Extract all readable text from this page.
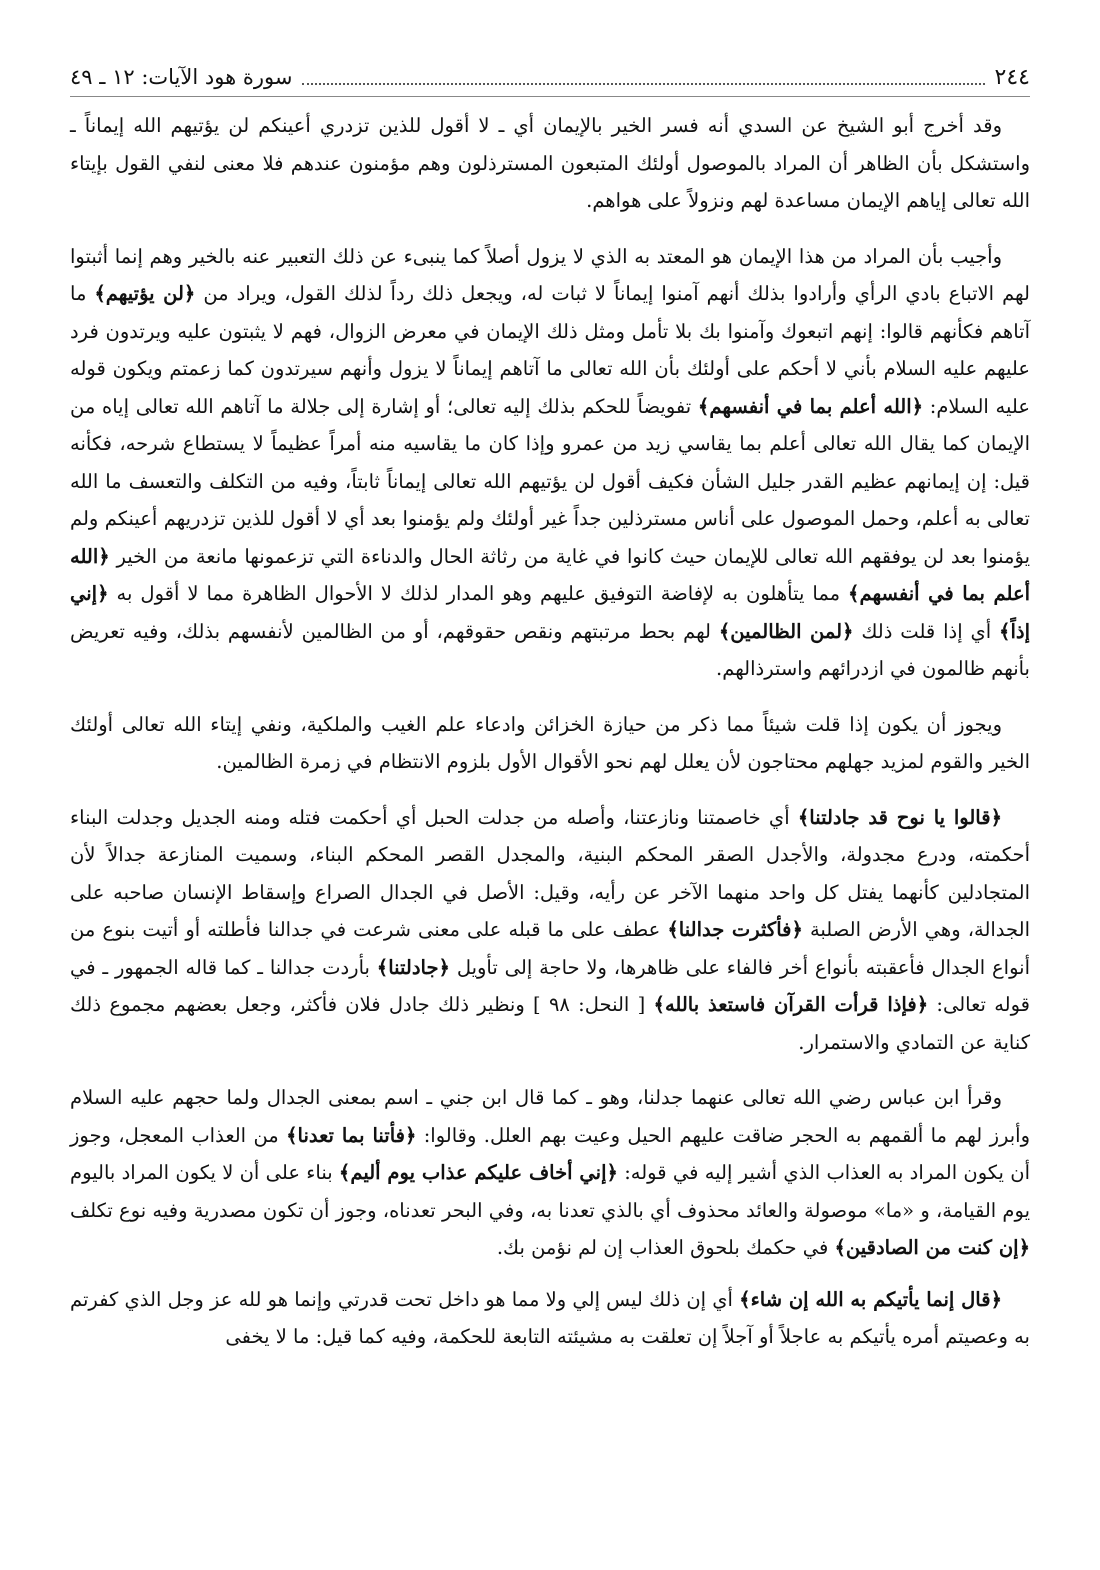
٢٤٤
سورة هود الآيات: ١٢ ـ ٤٩

وقد أخرج أبو الشيخ عن السدي أنه فسر الخير بالإيمان أي ـ لا أقول للذين تزدري أعينكم لن يؤتيهم الله إيماناً ـ واستشكل بأن الظاهر أن المراد بالموصول أولئك المتبعون المسترذلون وهم مؤمنون عندهم فلا معنى لنفي القول بإيتاء الله تعالى إياهم الإيمان مساعدة لهم ونزولاً على هواهم.

وأجيب بأن المراد من هذا الإيمان هو المعتد به الذي لا يزول أصلاً كما ينبىء عن ذلك التعبير عنه بالخير وهم إنما أثبتوا لهم الاتباع بادي الرأي وأرادوا بذلك أنهم آمنوا إيماناً لا ثبات له، ويجعل ذلك رداً لذلك القول، ويراد من ﴿لن يؤتيهم﴾ ما آتاهم فكأنهم قالوا: إنهم اتبعوك وآمنوا بك بلا تأمل ومثل ذلك الإيمان في معرض الزوال، فهم لا يثبتون عليه ويرتدون فرد عليهم عليه السلام بأني لا أحكم على أولئك بأن الله تعالى ما آتاهم إيماناً لا يزول وأنهم سيرتدون كما زعمتم ويكون قوله عليه السلام: ﴿الله أعلم بما في أنفسهم﴾ تفويضاً للحكم بذلك إليه تعالى؛ أو إشارة إلى جلالة ما آتاهم الله تعالى إياه من الإيمان كما يقال الله تعالى أعلم بما يقاسي زيد من عمرو وإذا كان ما يقاسيه منه أمراً عظيماً لا يستطاع شرحه، فكأنه قيل: إن إيمانهم عظيم القدر جليل الشأن فكيف أقول لن يؤتيهم الله تعالى إيماناً ثابتاً، وفيه من التكلف والتعسف ما الله تعالى به أعلم، وحمل الموصول على أناس مسترذلين جداً غير أولئك ولم يؤمنوا بعد أي لا أقول للذين تزدريهم أعينكم ولم يؤمنوا بعد لن يوفقهم الله تعالى للإيمان حيث كانوا في غاية من رثاثة الحال والدناءة التي تزعمونها مانعة من الخير ﴿الله أعلم بما في أنفسهم﴾ مما يتأهلون به لإفاضة التوفيق عليهم وهو المدار لذلك لا الأحوال الظاهرة مما لا أقول به ﴿إني إذاً﴾ أي إذا قلت ذلك ﴿لمن الظالمين﴾ لهم بحط مرتبتهم ونقص حقوقهم، أو من الظالمين لأنفسهم بذلك، وفيه تعريض بأنهم ظالمون في ازدرائهم واسترذالهم.

ويجوز أن يكون إذا قلت شيئاً مما ذكر من حيازة الخزائن وادعاء علم الغيب والملكية، ونفي إيتاء الله تعالى أولئك الخير والقوم لمزيد جهلهم محتاجون لأن يعلل لهم نحو الأقوال الأول بلزوم الانتظام في زمرة الظالمين.

﴿قالوا يا نوح قد جادلتنا﴾ أي خاصمتنا ونازعتنا، وأصله من جدلت الحبل أي أحكمت فتله ومنه الجديل وجدلت البناء أحكمته، ودرع مجدولة، والأجدل الصقر المحكم البنية، والمجدل القصر المحكم البناء، وسميت المنازعة جدالاً لأن المتجادلين كأنهما يفتل كل واحد منهما الآخر عن رأيه، وقيل: الأصل في الجدال الصراع وإسقاط الإنسان صاحبه على الجدالة، وهي الأرض الصلبة ﴿فأكثرت جدالنا﴾ عطف على ما قبله على معنى شرعت في جدالنا فأطلته أو أتيت بنوع من أنواع الجدال فأعقبته بأنواع أخر فالفاء على ظاهرها، ولا حاجة إلى تأويل ﴿جادلتنا﴾ بأردت جدالنا ـ كما قاله الجمهور ـ في قوله تعالى: ﴿فإذا قرأت القرآن فاستعذ بالله﴾ [ النحل: ٩٨ ] ونظير ذلك جادل فلان فأكثر، وجعل بعضهم مجموع ذلك كناية عن التمادي والاستمرار.

وقرأ ابن عباس رضي الله تعالى عنهما جدلنا، وهو ـ كما قال ابن جني ـ اسم بمعنى الجدال ولما حجهم عليه السلام وأبرز لهم ما ألقمهم به الحجر ضاقت عليهم الحيل وعيت بهم العلل. وقالوا: ﴿فأتنا بما تعدنا﴾ من العذاب المعجل، وجوز أن يكون المراد به العذاب الذي أشير إليه في قوله: ﴿إني أخاف عليكم عذاب يوم أليم﴾ بناء على أن لا يكون المراد باليوم يوم القيامة، و «ما» موصولة والعائد محذوف أي بالذي تعدنا به، وفي البحر تعدناه، وجوز أن تكون مصدرية وفيه نوع تكلف ﴿إن كنت من الصادقين﴾ في حكمك بلحوق العذاب إن لم نؤمن بك.

﴿قال إنما يأتيكم به الله إن شاء﴾ أي إن ذلك ليس إلي ولا مما هو داخل تحت قدرتي وإنما هو لله عز وجل الذي كفرتم به وعصيتم أمره يأتيكم به عاجلاً أو آجلاً إن تعلقت به مشيئته التابعة للحكمة، وفيه كما قيل: ما لا يخفى
